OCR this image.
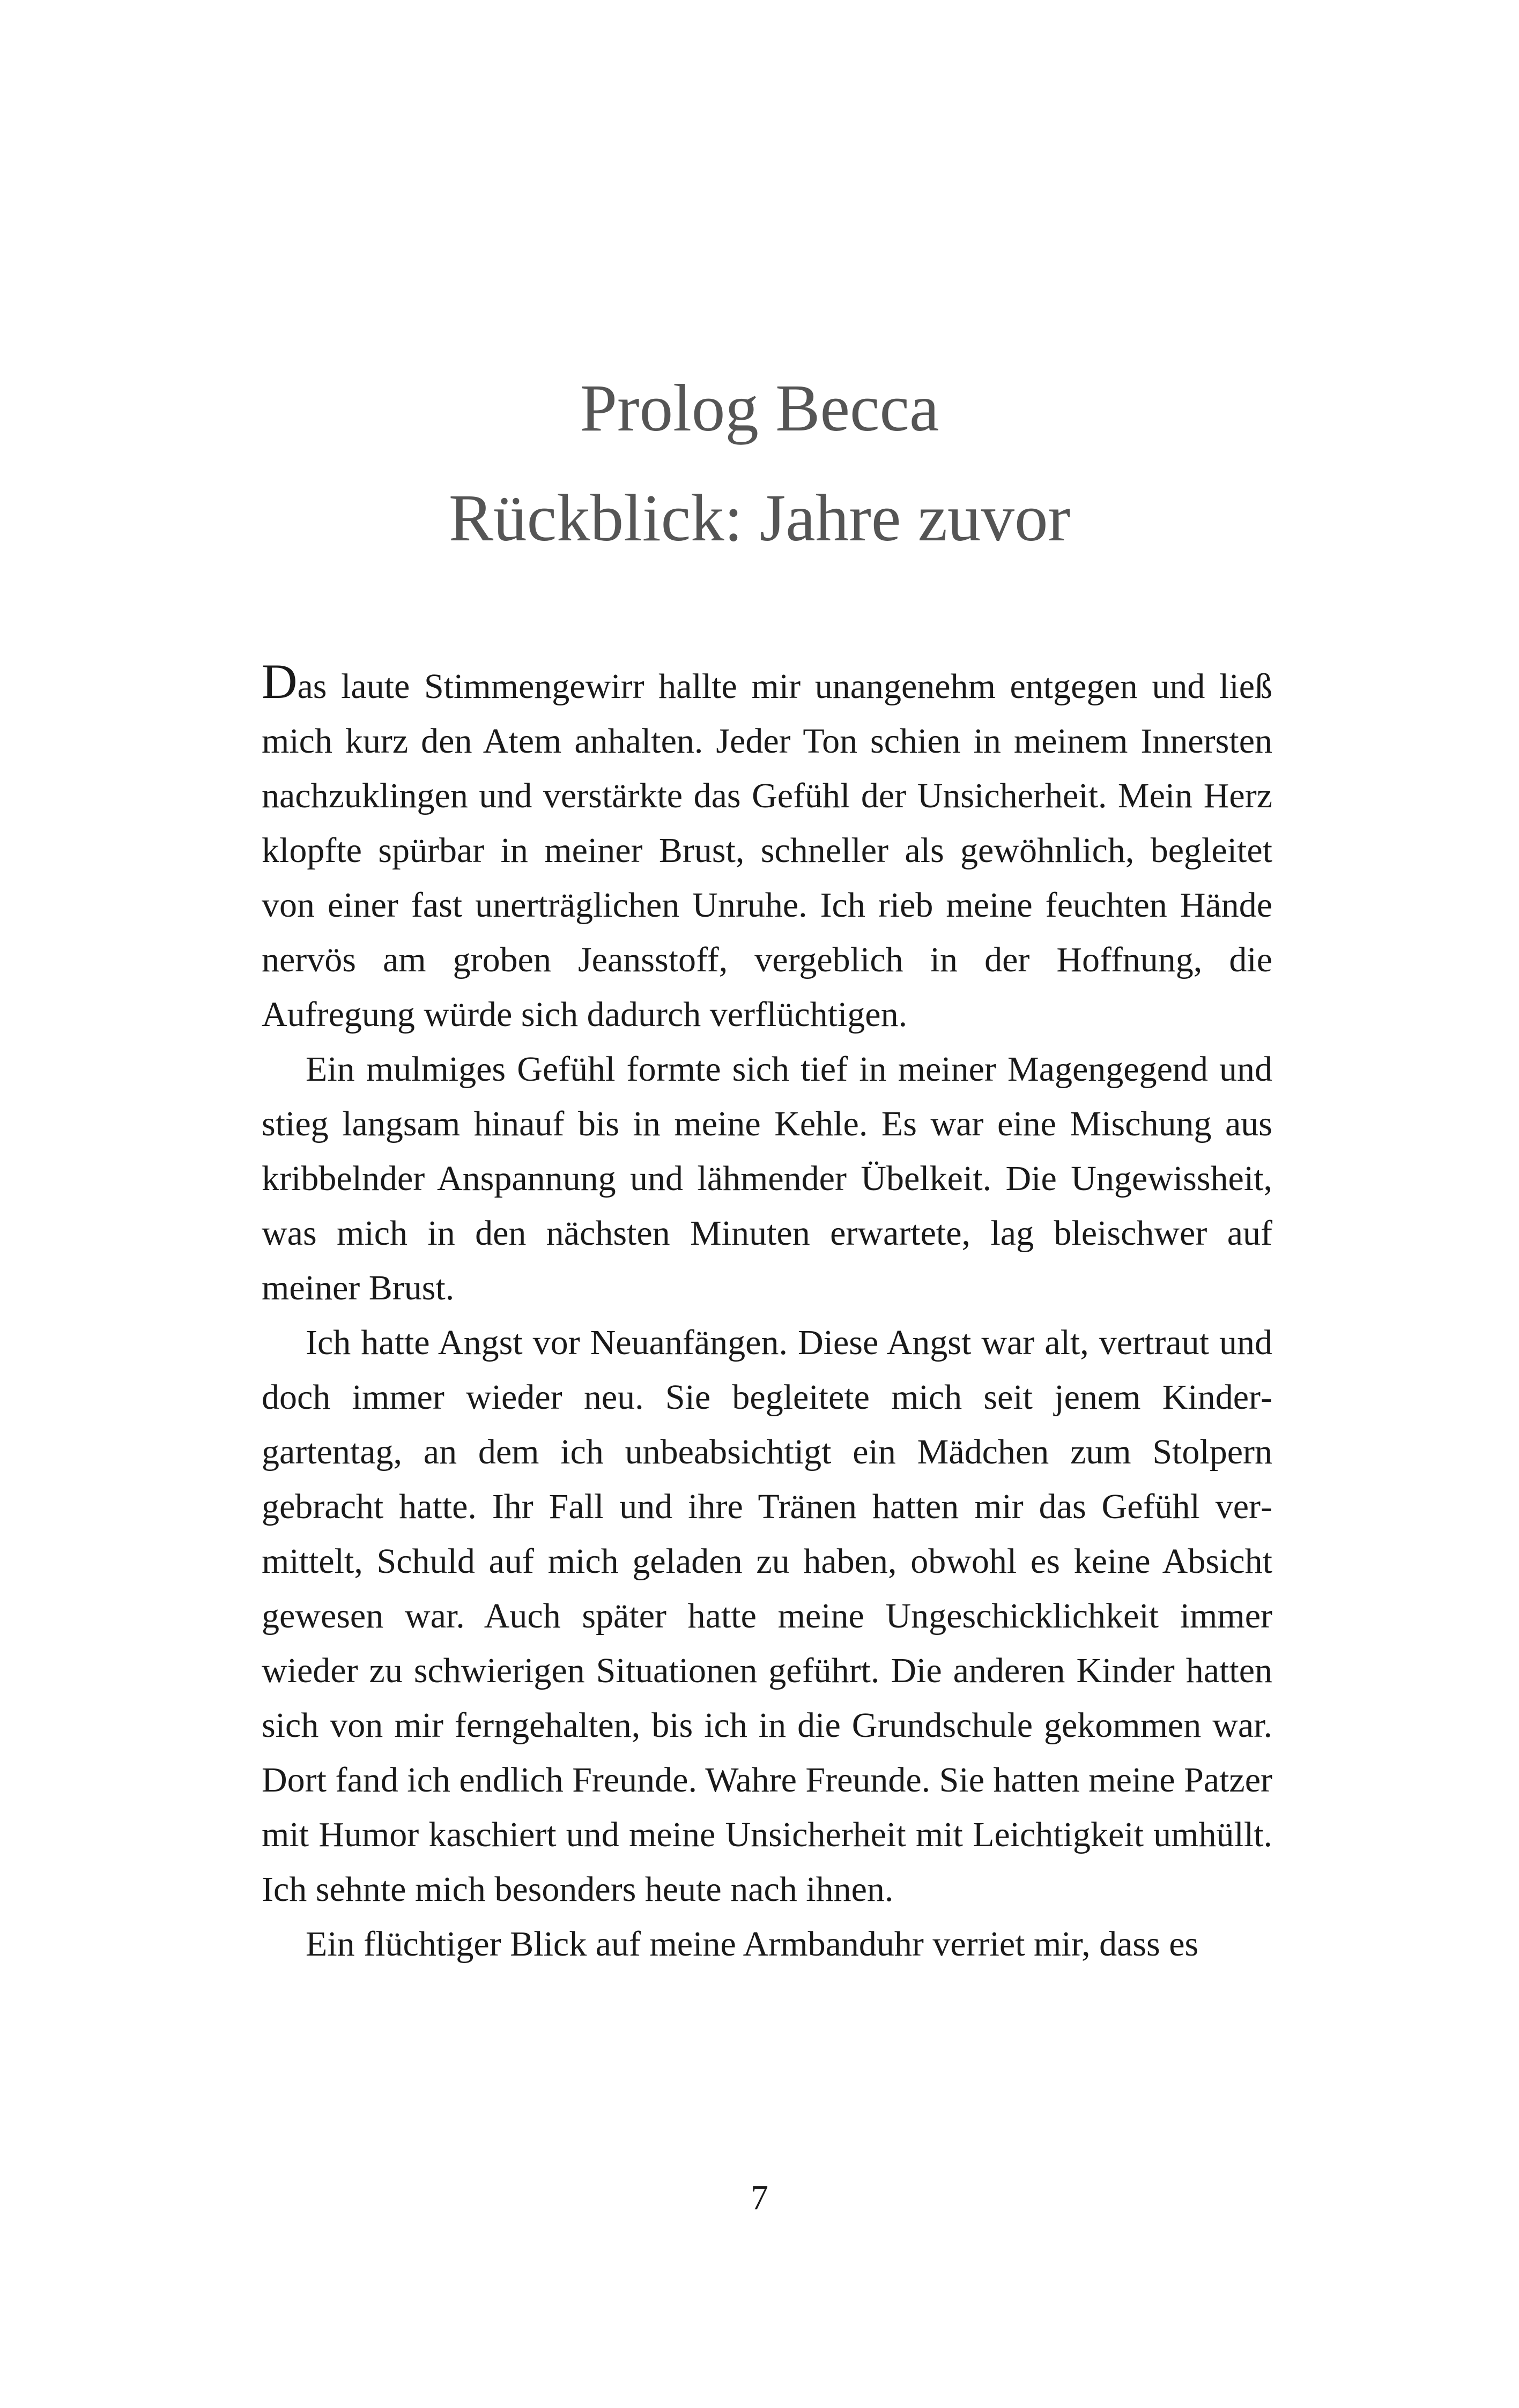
Prolog Becca
Rückblick: Jahre zuvor

Das laute Stimmengewirr hallte mir unangenehm entgegen und ließ mich kurz den Atem anhalten. Jeder Ton schien in meinem Innersten nachzuklingen und verstärkte das Gefühl der Unsicherheit. Mein Herz klopfte spürbar in meiner Brust, schneller als gewöhnlich, begleitet von einer fast unerträglichen Unruhe. Ich rieb meine feuchten Hände nervös am groben Jeansstoff, vergeblich in der Hoffnung, die Aufregung würde sich dadurch verflüchtigen.

Ein mulmiges Gefühl formte sich tief in meiner Magengegend und stieg langsam hinauf bis in meine Kehle. Es war eine Mischung aus kribbelnder Anspannung und lähmender Übelkeit. Die Ungewissheit, was mich in den nächsten Minuten erwartete, lag bleischwer auf meiner Brust.

Ich hatte Angst vor Neuanfängen. Diese Angst war alt, vertraut und doch immer wieder neu. Sie begleitete mich seit jenem Kindergartentag, an dem ich unbeabsichtigt ein Mädchen zum Stolpern gebracht hatte. Ihr Fall und ihre Tränen hatten mir das Gefühl vermittelt, Schuld auf mich geladen zu haben, obwohl es keine Absicht gewesen war. Auch später hatte meine Ungeschicklichkeit immer wieder zu schwierigen Situationen geführt. Die anderen Kinder hatten sich von mir ferngehalten, bis ich in die Grundschule gekommen war. Dort fand ich endlich Freunde. Wahre Freunde. Sie hatten meine Patzer mit Humor kaschiert und meine Unsicherheit mit Leichtigkeit umhüllt. Ich sehnte mich besonders heute nach ihnen.

Ein flüchtiger Blick auf meine Armbanduhr verriet mir, dass es

7
